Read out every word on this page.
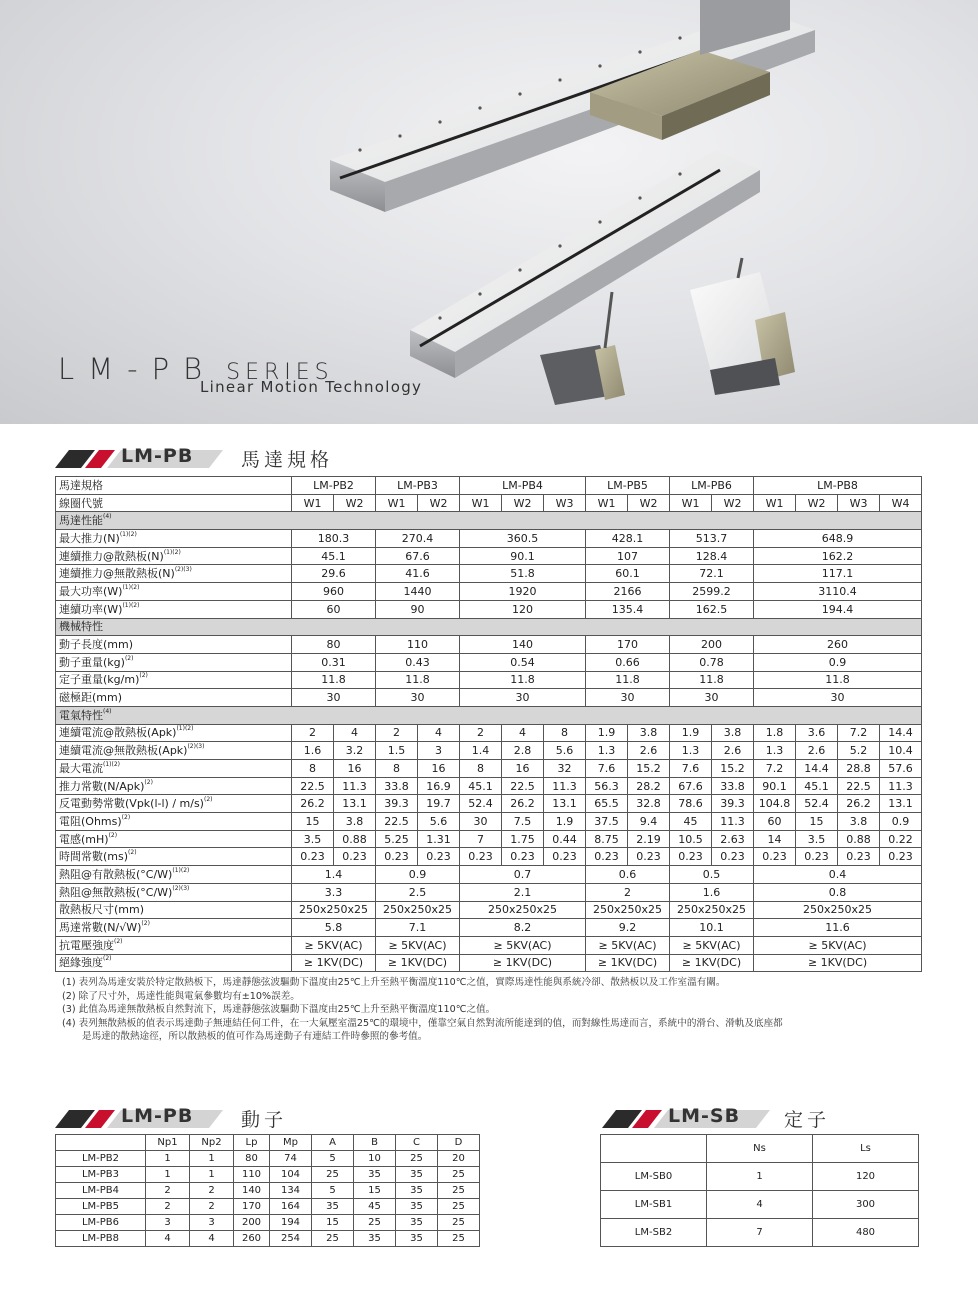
LM-PB SERIES
Linear Motion Technology
LM-PB	馬達規格
馬達規格	LM-PB2		LM-PB3		LM-PB4			LM-PB5		LM-PB6		LM-PB8			
線圈代號	W1	W2	W1	W2	W1	W2	W3	W1	W2	W1	W2	W1	W2	W3	W4
馬達性能$^{(4)}$
最大推力$(N)^{(1)(2)}$	180.3		270.4		360.5			428.1		513.7		648.9			
連續推力@散熱板$(N)^{(1)(2)}$	45.1		67.6		90.1			107		128.4		162.2			
連續推力@無散熱板$(N)^{(2)(3)}$	29.6		41.6		51.8			60.1		72.1		117.1			
最大功率$(W)^{(1)(2)}$	960		1440		1920			2166		2599.2		3110.4			
連續功率$(W)^{(1)(2)}$	60		90		120			135.4		162.5		194.4			
機械特性															
動子長度(mm)	80		110		140			170		200		260			
動子重量(kg)$^{(2)}$	0.31		0.43		0.54			0.66		0.78		0.9			
定子重量$(kg/m)^{(2)}$	11.8		11.8		11.8			11.8		11.8		11.8			
磁極距(mm)	30		30		30			30		30		30			
電氣特性$^{(4)}$
連續電流@散熱板(Apk)$^{(1)(2)}$	2	4	2	4	2	4	8	1.9	3.8	1.9	3.8	1.8	3.6	7.2	14.4
連續電流@無散熱板(Apk)$^{(2)(3)}$	1.6	3.2	1.5	3	1.4	2.8	5.6	1.3	2.6	1.3	2.6	1.3	2.6	5.2	10.4
最大電流$^{(1)(2)}$	8	16	8	16	8	16	32	7.6	15.2	7.6	15.2	7.2	14.4	28.8	57.6
推力常數$(N/Apk)^{(2)}$	22.5	11.3	33.8	16.9	45.1	22.5	11.3	56.3	28.2	67.6	33.8	90.1	45.1	22.5	11.3
反電動勢常數(Vpk(l-l) / m/s)$^{(2)}$	26.2	13.1	39.3	19.7	52.4	26.2	13.1	65.5	32.8	78.6	39.3	104.8	52.4	26.2	13.1
電阻(Ohms)$^{(2)}$	15	3.8	22.5	5.6	30	7.5	1.9	37.5	9.4	45	11.3	60	15	3.8	0.9
電感(mH)$^{(2)}$	3.5	0.88	5.25	1.31	7	1.75	0.44	8.75	2.19	10.5	2.63	14	3.5	0.88	0.22
時間常數(ms)$^{(2)}$	0.23	0.23	0.23	0.23	0.23	0.23	0.23	0.23	0.23	0.23	0.23	0.23	0.23	0.23	0.23
熱阻@有散熱板$(^\circ C/W)^{(1)(2)}$	1.4		0.9		0.7			0.6		0.5		0.4			
熱阻@無散熱板$(^\circ C/W)^{(2)(3)}$	3.3		2.5		2.1			2		1.6		0.8			
散熱板尺寸(mm)	250x250x25		250x250x25		250x250x25			250x250x25		250x250x25		250x250x25			
馬達常數$(N/√W)^{(2)}$	5.8		7.1		8.2			9.2		10.1		11.6			
抗電壓強度$^{(2)}$	≥ 5KV(AC)		≥ 5KV(AC)		≥ 5KV(AC)			≥ 5KV(AC)		≥ 5KV(AC)		≥ 5KV(AC)			
絕緣強度$^{(2)}$	≥ 1KV(DC)		≥ 1KV(DC)		≥ 1KV(DC)			≥ 1KV(DC)		≥ 1KV(DC)		≥ 1KV(DC)			

(1) 表列為馬達安裝於特定散熱板下，馬達靜態弦波驅動下溫度由25℃上升至熱平衡溫度110℃之值，實際馬達性能與系統冷卻、散熱板以及工作室溫有關。

(2) 除了尺寸外，馬達性能與電氣參數均有±10%誤差。

(3) 此值為馬達無散熱板自然對流下，馬達靜態弦波驅動下溫度由25℃上升至熱平衡溫度110℃之值。

(4) 表列無散熱板的值表示馬達動子無連結任何工件，在一大氣壓室溫25℃的環境中，僅靠空氣自然對流所能達到的值，而對線性馬達而言，系統中的滑台、滑軌及底座都

是馬達的散熱途徑，所以散熱板的值可作為馬達動子有連結工件時參照的參考值。

LM-PB	動子
	Np1	Np2	Lp	Mp	A	B	C	D
LM-PB2	1	1	80	74	5	10	25	20
LM-PB3	1	1	110	104	25	35	35	25
LM-PB4	2	2	140	134	5	15	35	25
LM-PB5	2	2	170	164	35	45	35	25
LM-PB6	3	3	200	194	15	25	35	25
LM-PB8	4	4	260	254	25	35	35	25
LM-SB 定子
	Ns	Ls
LM-SB0	1	120
LM-SB1	4	300
LM-SB2	7	480
